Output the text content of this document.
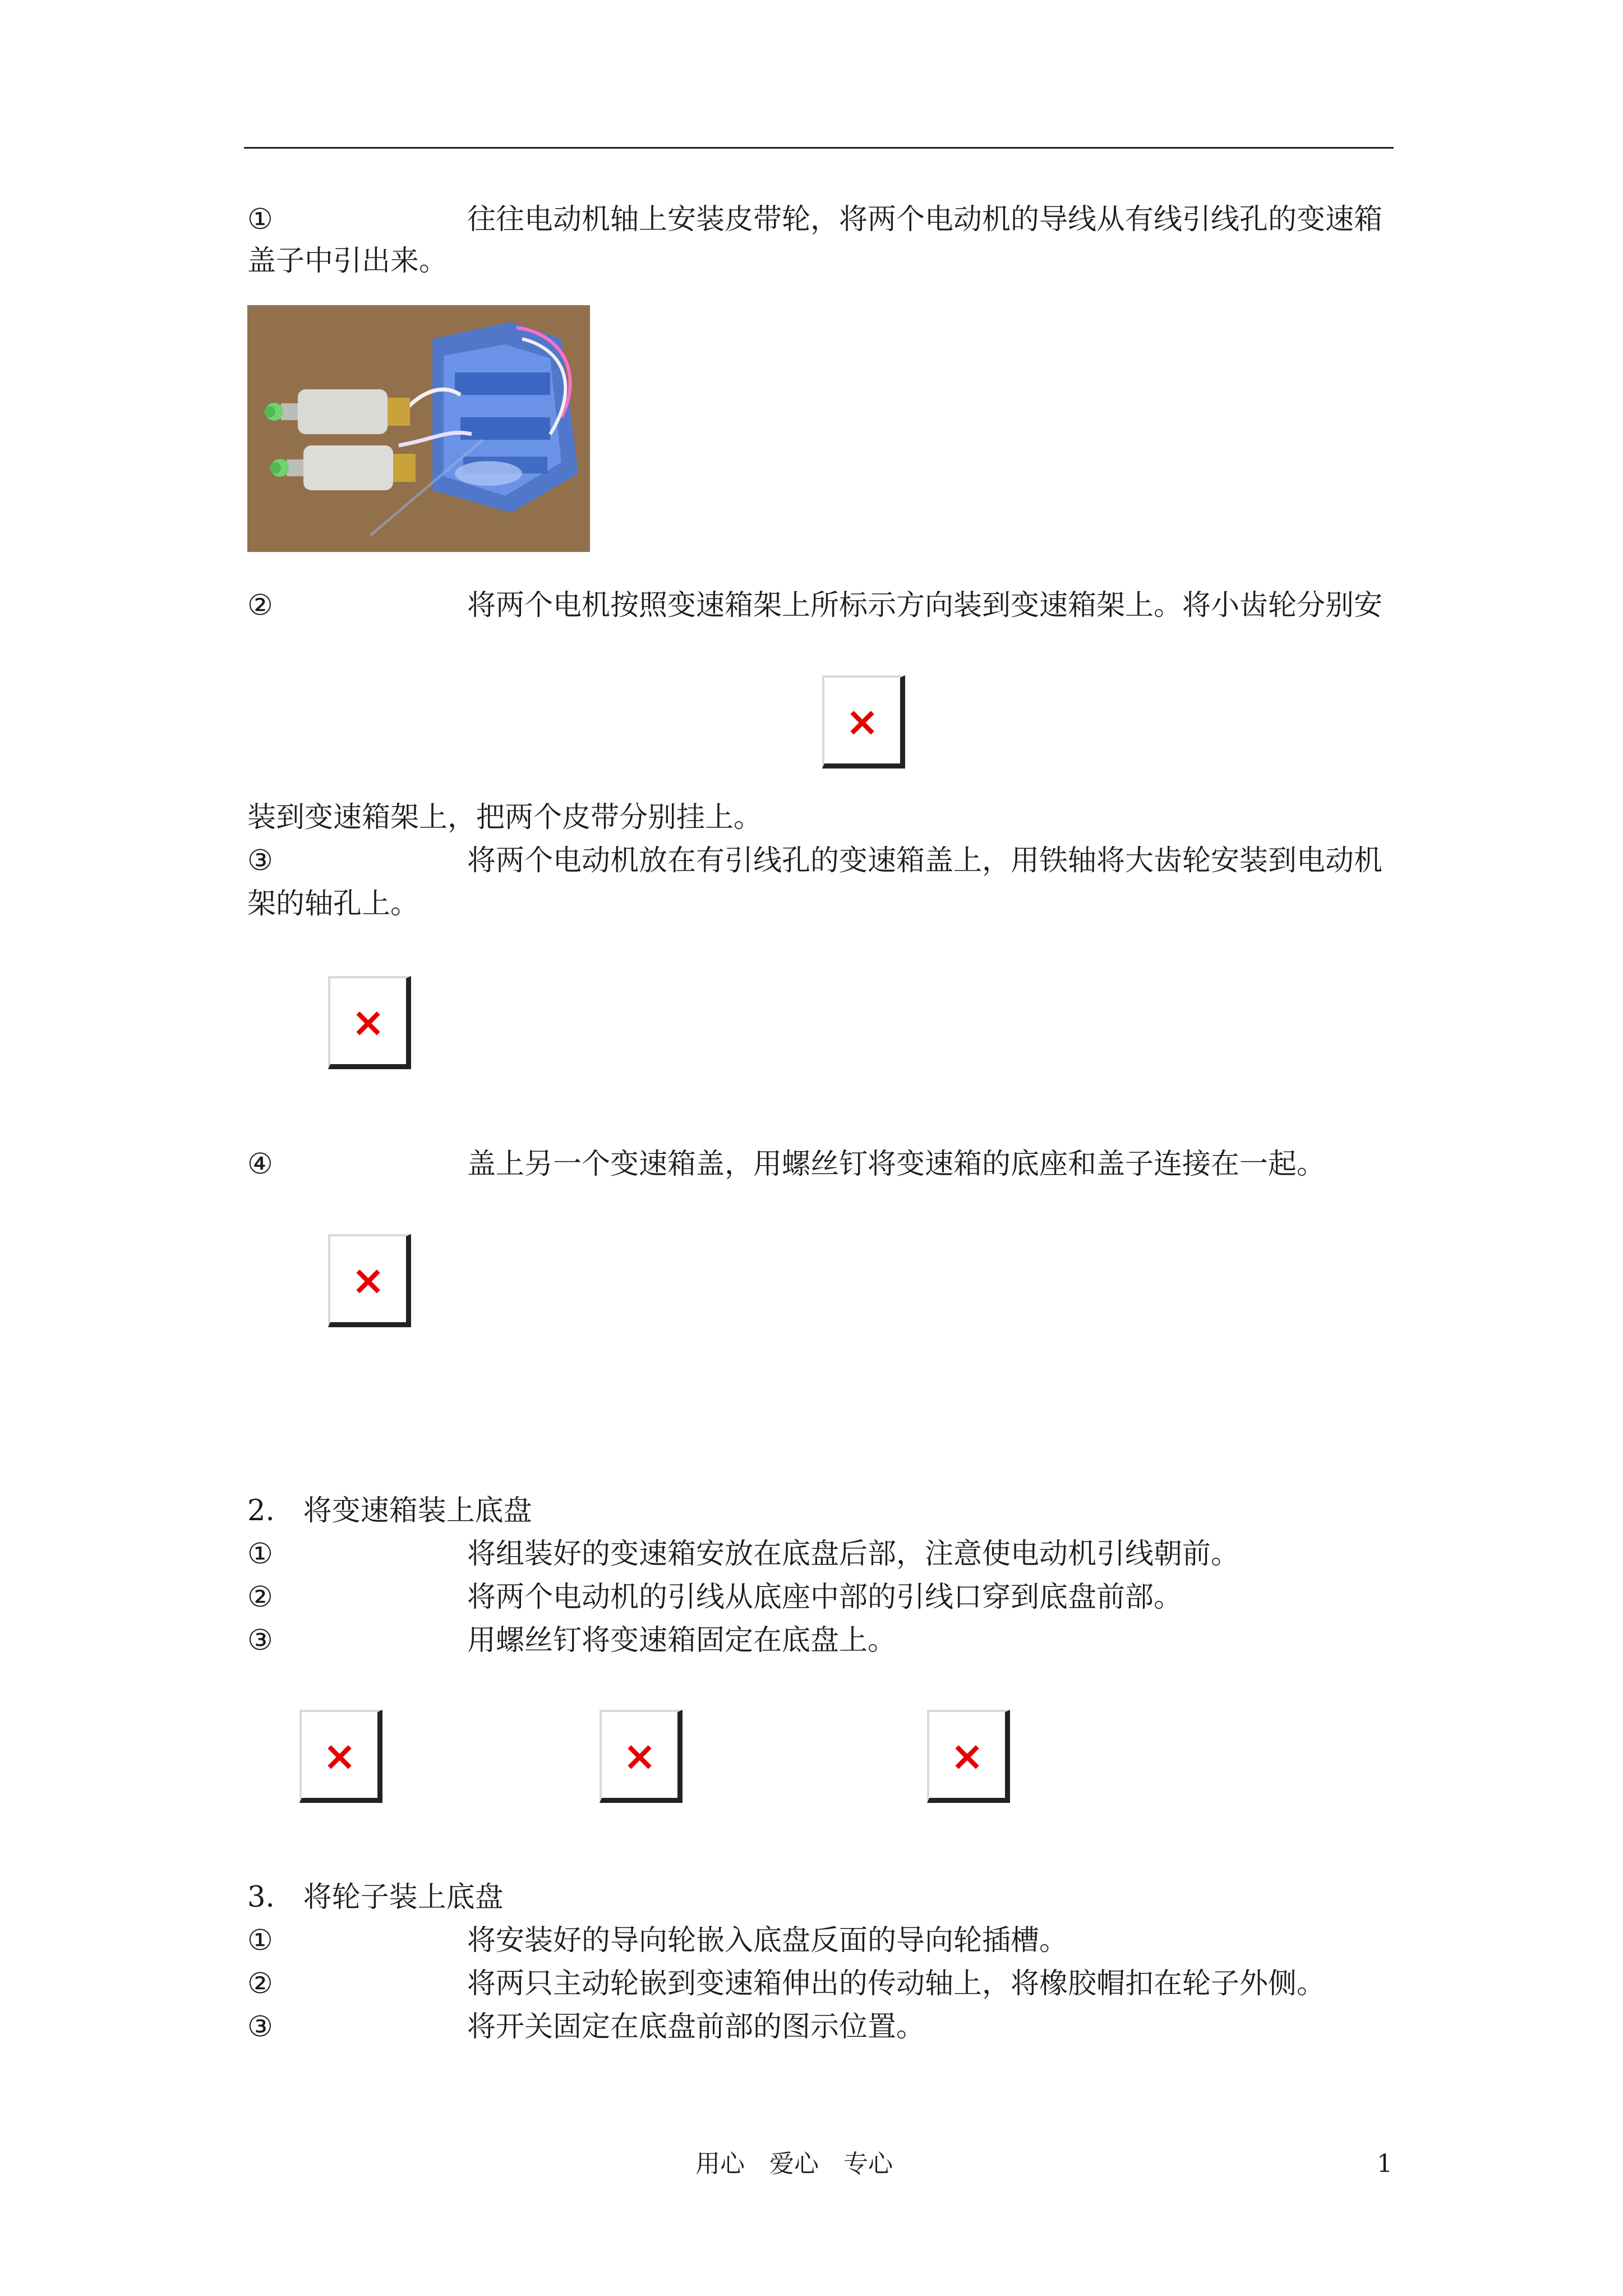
①	往往电动机轴上安装皮带轮，将两个电动机的导线从有线引线孔的变速箱
盖子中引出来。
②	将两个电机按照变速箱架上所标示方向装到变速箱架上。将小齿轮分别安
×
装到变速箱架上，把两个皮带分别挂上。
③	将两个电动机放在有引线孔的变速箱盖上，用铁轴将大齿轮安装到电动机
架的轴孔上。
×
④	盖上另一个变速箱盖，用螺丝钉将变速箱的底座和盖子连接在一起。
×
2.　将变速箱装上底盘
①	将组装好的变速箱安放在底盘后部，注意使电动机引线朝前。
②	将两个电动机的引线从底座中部的引线口穿到底盘前部。
③	用螺丝钉将变速箱固定在底盘上。
×	×	×
3.　将轮子装上底盘
①	将安装好的导向轮嵌入底盘反面的导向轮插槽。
②	将两只主动轮嵌到变速箱伸出的传动轴上，将橡胶帽扣在轮子外侧。
③	将开关固定在底盘前部的图示位置。
用心　爱心　专心	1
